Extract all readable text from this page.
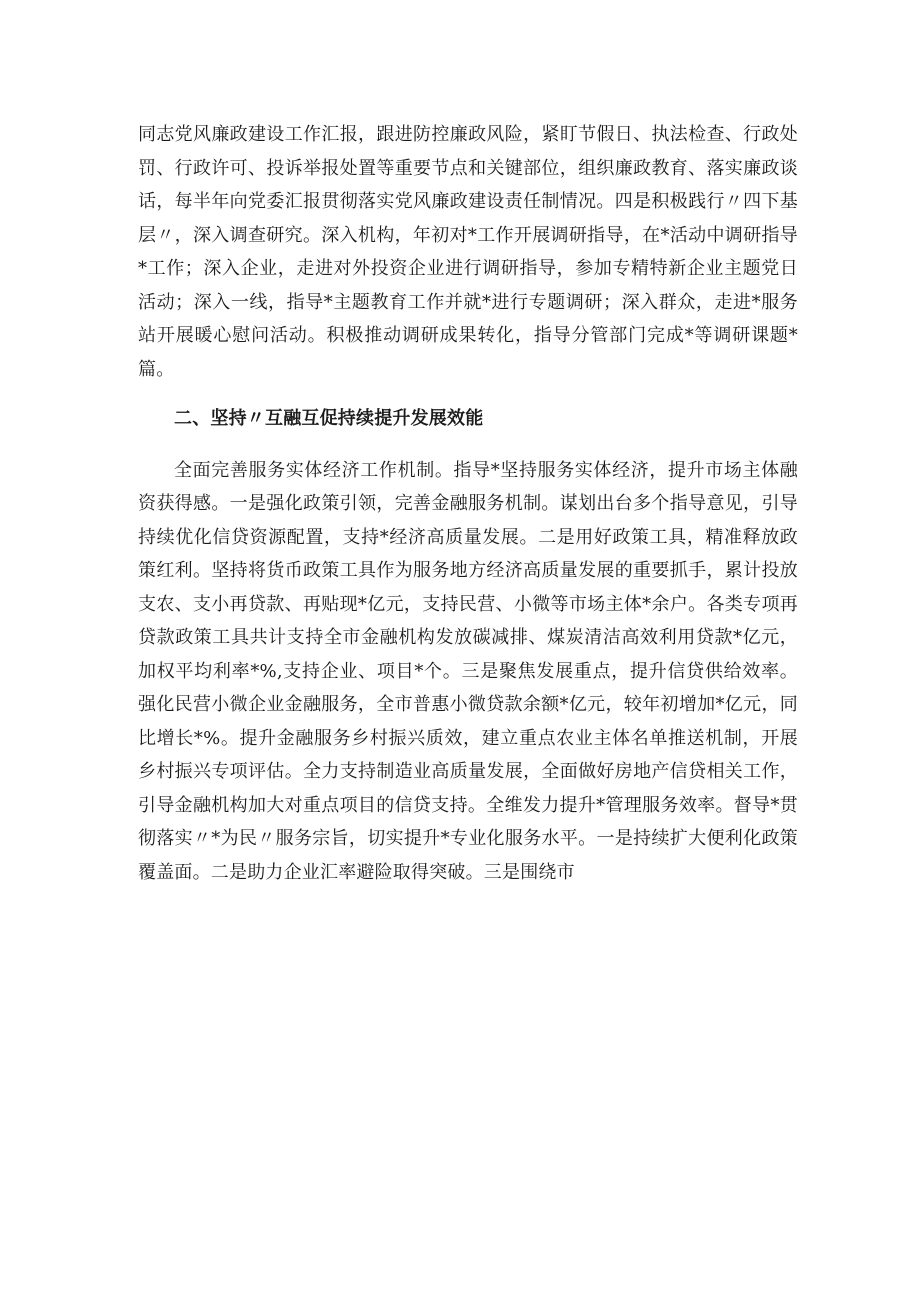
同志党风廉政建设工作汇报，跟进防控廉政风险，紧盯节假日、执法检查、行政处罚、行政许可、投诉举报处置等重要节点和关键部位，组织廉政教育、落实廉政谈话，每半年向党委汇报贯彻落实党风廉政建设责任制情况。四是积极践行〃四下基层〃，深入调查研究。深入机构，年初对*工作开展调研指导，在*活动中调研指导*工作；深入企业，走进对外投资企业进行调研指导，参加专精特新企业主题党日活动；深入一线，指导*主题教育工作并就*进行专题调研；深入群众，走进*服务站开展暖心慰问活动。积极推动调研成果转化，指导分管部门完成*等调研课题*篇。

二、坚持〃互融互促持续提升发展效能

全面完善服务实体经济工作机制。指导*坚持服务实体经济，提升市场主体融资获得感。一是强化政策引领，完善金融服务机制。谋划出台多个指导意见，引导持续优化信贷资源配置，支持*经济高质量发展。二是用好政策工具，精准释放政策红利。坚持将货币政策工具作为服务地方经济高质量发展的重要抓手，累计投放支农、支小再贷款、再贴现*亿元，支持民营、小微等市场主体*余户。各类专项再贷款政策工具共计支持全市金融机构发放碳减排、煤炭清洁高效利用贷款*亿元，加权平均利率*%,支持企业、项目*个。三是聚焦发展重点，提升信贷供给效率。强化民营小微企业金融服务，全市普惠小微贷款余额*亿元，较年初增加*亿元，同比增长*%。提升金融服务乡村振兴质效，建立重点农业主体名单推送机制，开展乡村振兴专项评估。全力支持制造业高质量发展，全面做好房地产信贷相关工作，引导金融机构加大对重点项目的信贷支持。全维发力提升*管理服务效率。督导*贯彻落实〃*为民〃服务宗旨，切实提升*专业化服务水平。一是持续扩大便利化政策覆盖面。二是助力企业汇率避险取得突破。三是围绕市
